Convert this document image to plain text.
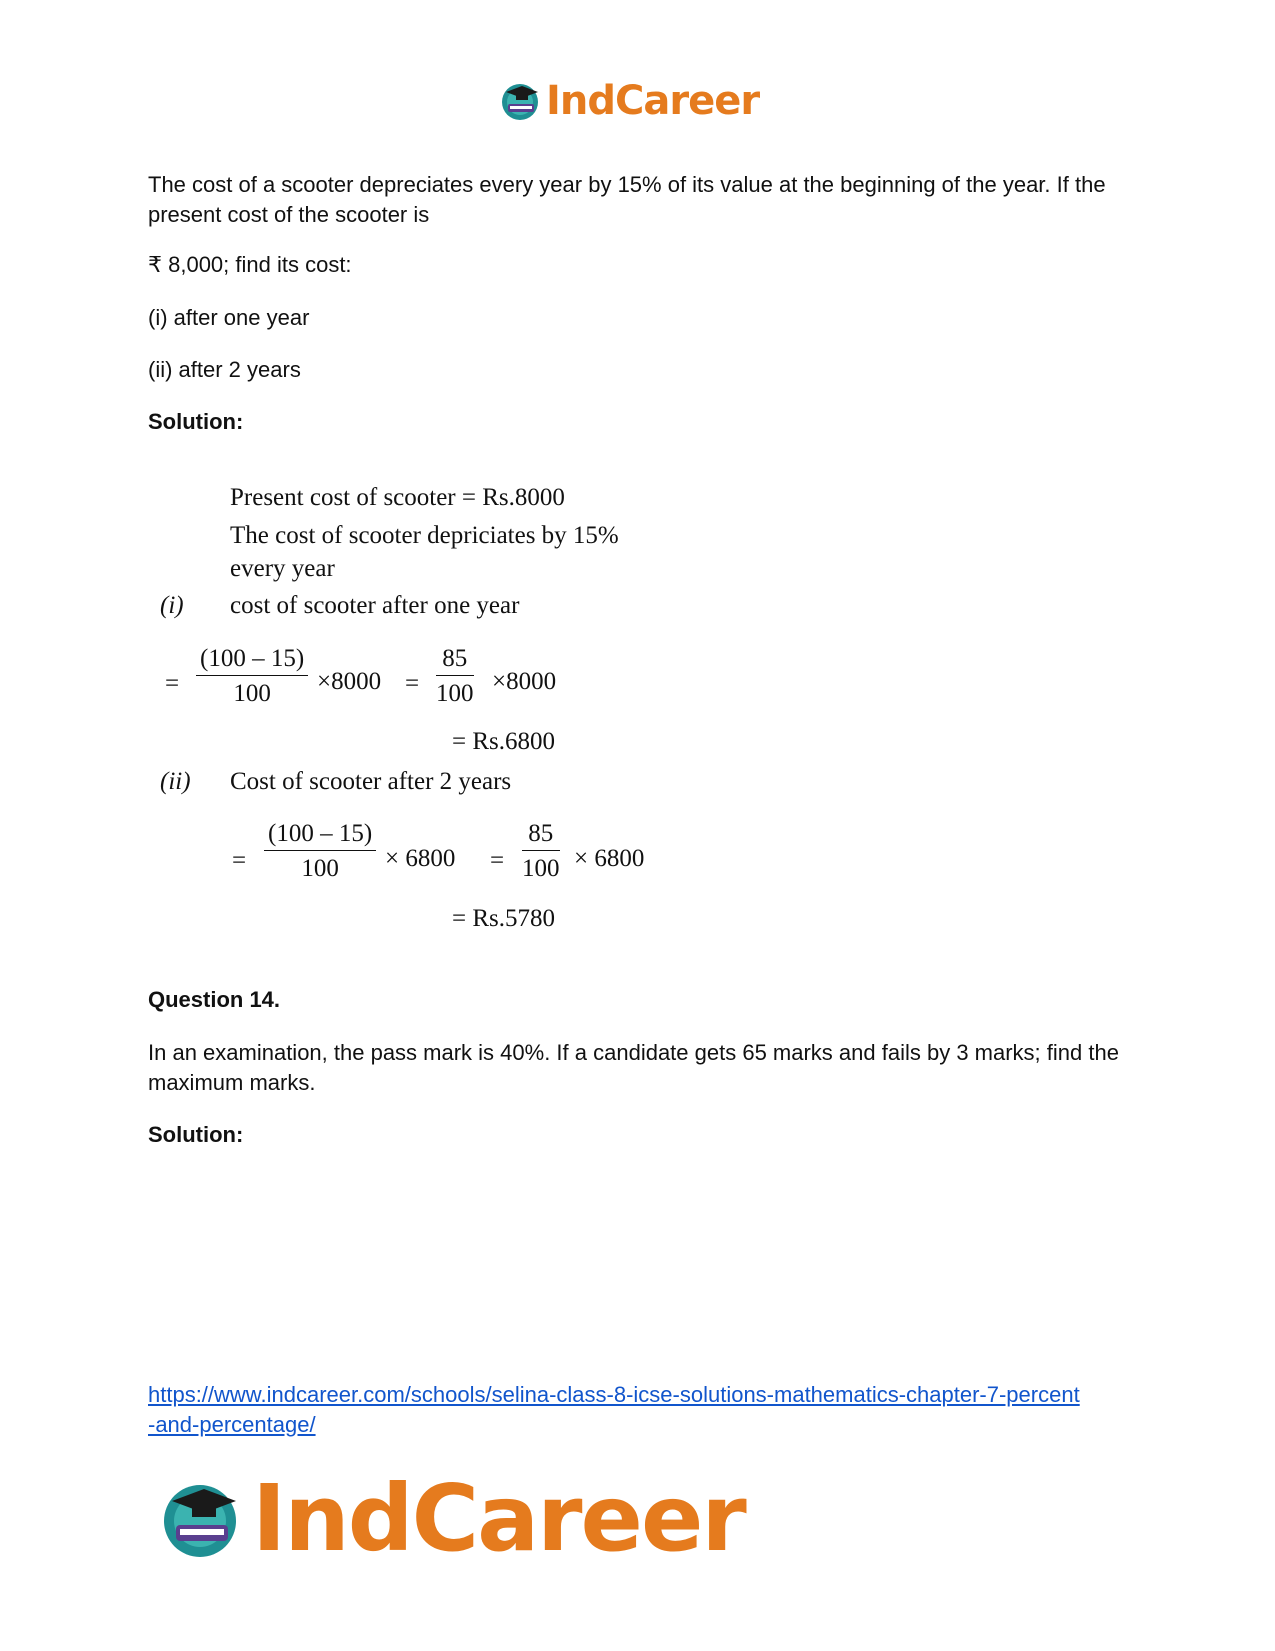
IndCareer
The cost of a scooter depreciates every year by 15% of its value at the beginning of the year. If the present cost of the scooter is
₹ 8,000; find its cost:
(i) after one year
(ii) after 2 years
Solution:
Present cost of scooter = Rs.8000
The cost of scooter depriciates by 15%
every year
(i) cost of scooter after one year
= $\frac{(100 - 15)}{100} \times 8000 = \frac{85}{100} \times 8000$
= Rs.6800
(ii) Cost of scooter after 2 years
= $\frac{(100 - 15)}{100} \times 6800 = \frac{85}{100} \times 6800$
= Rs.5780
Question 14.
In an examination, the pass mark is 40%. If a candidate gets 65 marks and fails by 3 marks; find the maximum marks.
Solution:
https://www.indcareer.com/schools/selina-class-8-icse-solutions-mathematics-chapter-7-percent
-and-percentage/
IndCareer
